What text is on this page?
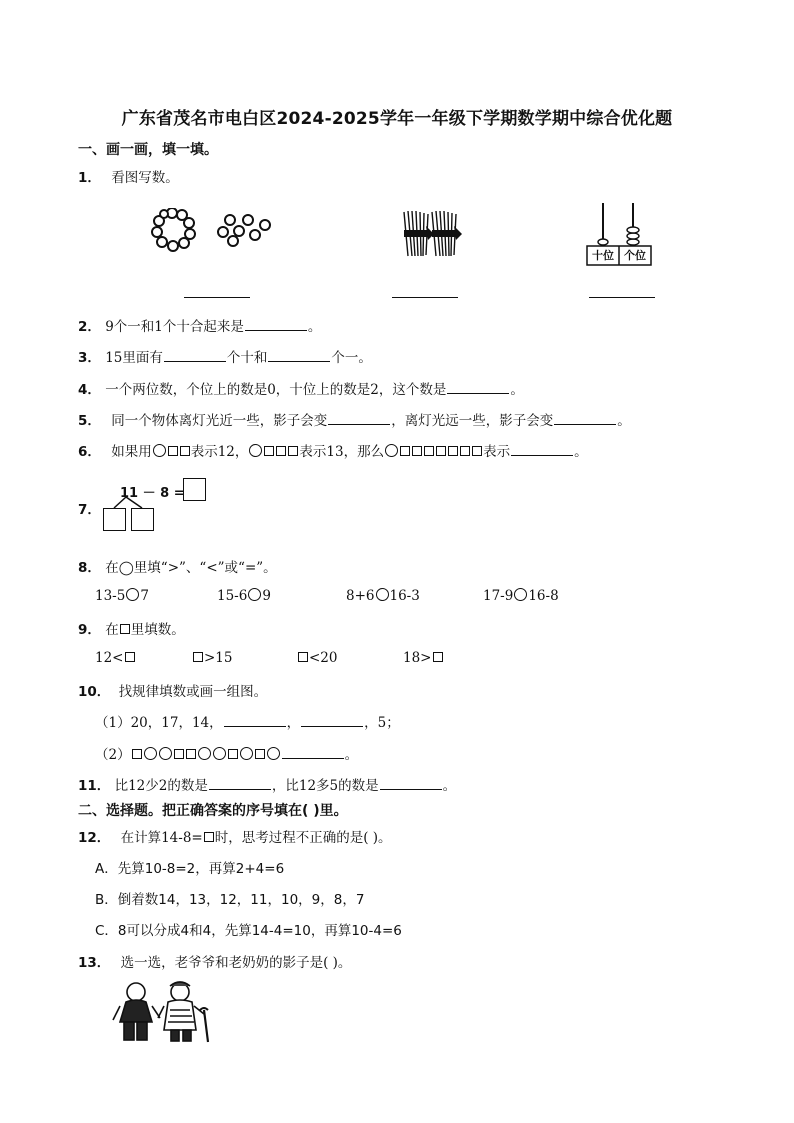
广东省茂名市电白区2024-2025学年一年级下学期数学期中综合优化题
一、画一画，填一填。
1． 看图写数。
十位 个位
2． 9个一和1个十合起来是	。
3． 15里面有	个十和	个一。
4． 一个两位数，个位上的数是0，十位上的数是2，这个数是	。
5． 同一个物体离灯光近一些，影子会变	，离灯光远一些，影子会变	。
6． 如果用	表示12，	表示13，那么	表示	。
7．
11 － 8 =
8． 在◯里填“>”、“<”或“=”。
13-5 7	15-6 9	8+6 16-3	17-9 16-8
9． 在 里填数。
12<	>15	<20	18>
10． 找规律填数或画一组图。
（1）20，17，14，	，	，5；
（2）	。
11． 比12少2的数是	，比12多5的数是	。
二、选择题。把正确答案的序号填在( )里。
12． 在计算14-8= 时，思考过程不正确的是( )。
A．先算10-8=2，再算2+4=6
B．倒着数14，13，12，11，10，9，8，7
C．8可以分成4和4，先算14-4=10，再算10-4=6
13． 选一选，老爷爷和老奶奶的影子是( )。
